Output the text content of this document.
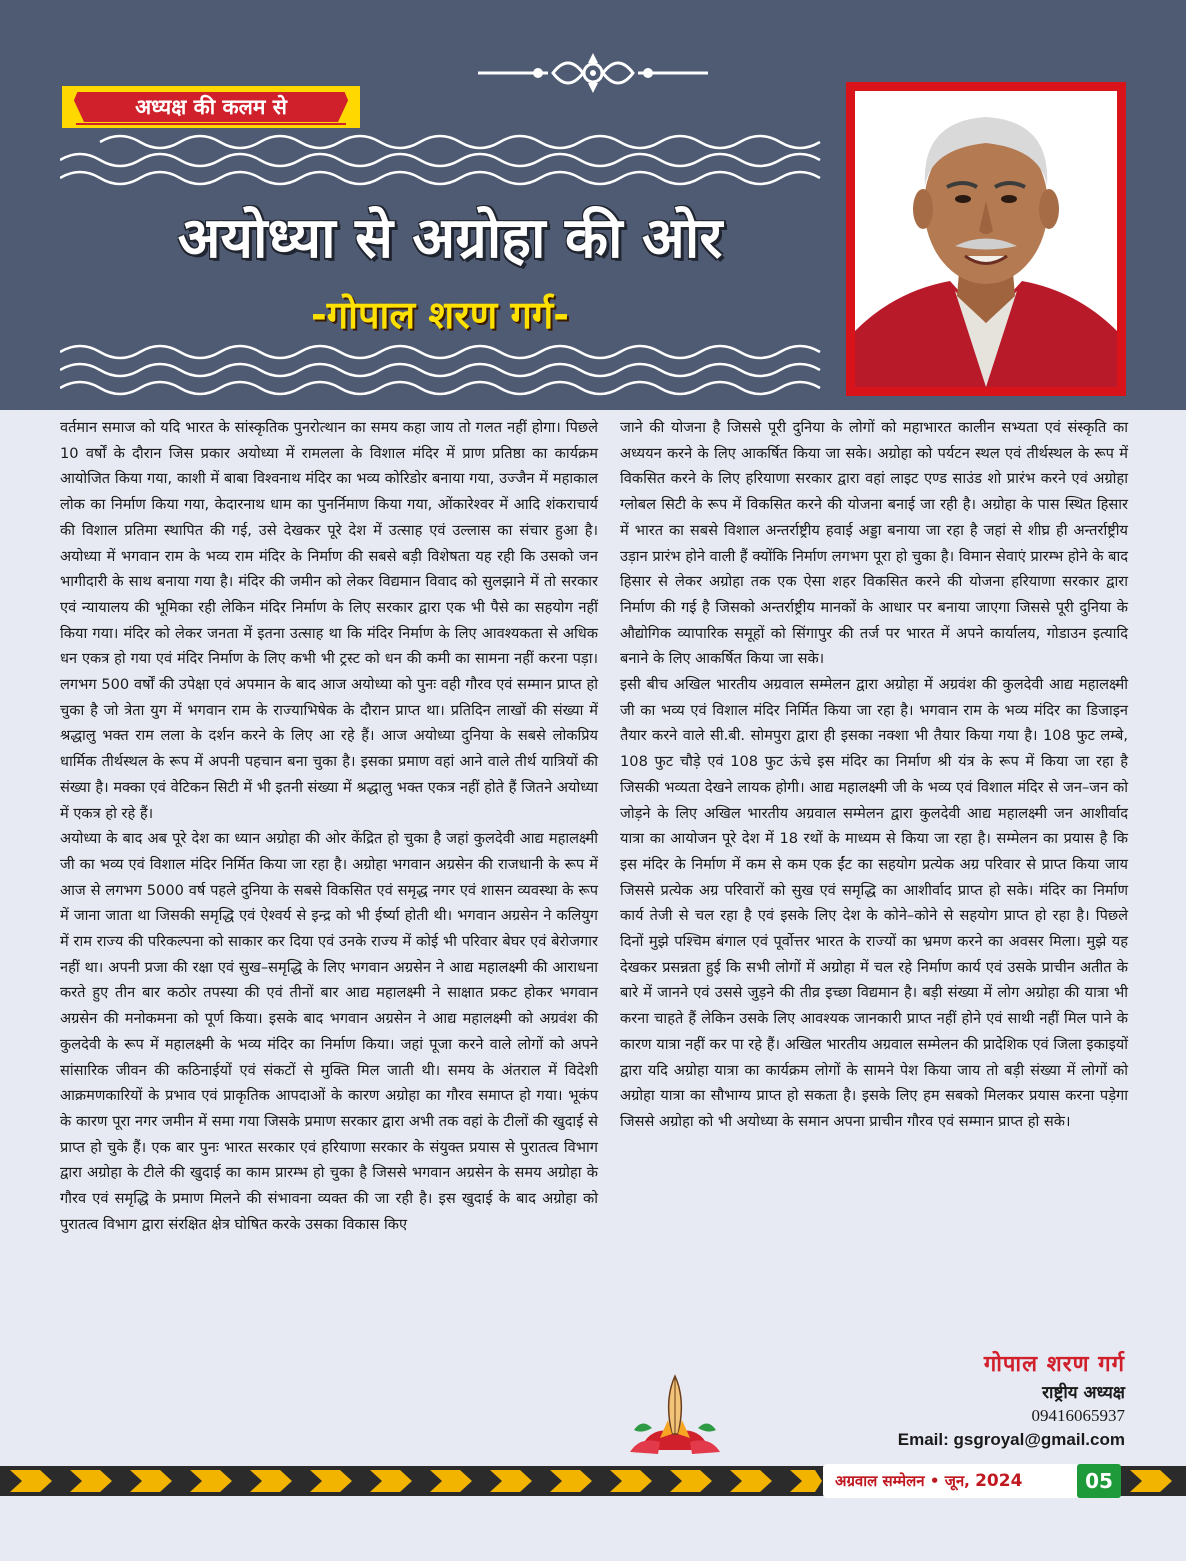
अध्यक्ष की कलम से
अयोध्या से अग्रोहा की ओर
-गोपाल शरण गर्ग-

वर्तमान समाज को यदि भारत के सांस्कृतिक पुनरोत्थान का समय कहा जाय तो गलत नहीं होगा। पिछले 10 वर्षों के दौरान जिस प्रकार अयोध्या में रामलला के विशाल मंदिर में प्राण प्रतिष्ठा का कार्यक्रम आयोजित किया गया, काशी में बाबा विश्वनाथ मंदिर का भव्य कोरिडोर बनाया गया, उज्जैन में महाकाल लोक का निर्माण किया गया, केदारनाथ धाम का पुनर्निमाण किया गया, ओंकारेश्वर में आदि शंकराचार्य की विशाल प्रतिमा स्थापित की गई, उसे देखकर पूरे देश में उत्साह एवं उल्लास का संचार हुआ है। अयोध्या में भगवान राम के भव्य राम मंदिर के निर्माण की सबसे बड़ी विशेषता यह रही कि उसको जन भागीदारी के साथ बनाया गया है। मंदिर की जमीन को लेकर विद्यमान विवाद को सुलझाने में तो सरकार एवं न्यायालय की भूमिका रही लेकिन मंदिर निर्माण के लिए सरकार द्वारा एक भी पैसे का सहयोग नहीं किया गया। मंदिर को लेकर जनता में इतना उत्साह था कि मंदिर निर्माण के लिए आवश्यकता से अधिक धन एकत्र हो गया एवं मंदिर निर्माण के लिए कभी भी ट्रस्ट को धन की कमी का सामना नहीं करना पड़ा। लगभग 500 वर्षों की उपेक्षा एवं अपमान के बाद आज अयोध्या को पुनः वही गौरव एवं सम्मान प्राप्त हो चुका है जो त्रेता युग में भगवान राम के राज्याभिषेक के दौरान प्राप्त था। प्रतिदिन लाखों की संख्या में श्रद्धालु भक्त राम लला के दर्शन करने के लिए आ रहे हैं। आज अयोध्या दुनिया के सबसे लोकप्रिय धार्मिक तीर्थस्थल के रूप में अपनी पहचान बना चुका है। इसका प्रमाण वहां आने वाले तीर्थ यात्रियों की संख्या है। मक्का एवं वेटिकन सिटी में भी इतनी संख्या में श्रद्धालु भक्त एकत्र नहीं होते हैं जितने अयोध्या में एकत्र हो रहे हैं।

अयोध्या के बाद अब पूरे देश का ध्यान अग्रोहा की ओर केंद्रित हो चुका है जहां कुलदेवी आद्य महालक्ष्मी जी का भव्य एवं विशाल मंदिर निर्मित किया जा रहा है। अग्रोहा भगवान अग्रसेन की राजधानी के रूप में आज से लगभग 5000 वर्ष पहले दुनिया के सबसे विकसित एवं समृद्ध नगर एवं शासन व्यवस्था के रूप में जाना जाता था जिसकी समृद्धि एवं ऐश्वर्य से इन्द्र को भी ईर्ष्या होती थी। भगवान अग्रसेन ने कलियुग में राम राज्य की परिकल्पना को साकार कर दिया एवं उनके राज्य में कोई भी परिवार बेघर एवं बेरोजगार नहीं था। अपनी प्रजा की रक्षा एवं सुख–समृद्धि के लिए भगवान अग्रसेन ने आद्य महालक्ष्मी की आराधना करते हुए तीन बार कठोर तपस्या की एवं तीनों बार आद्य महालक्ष्मी ने साक्षात प्रकट होकर भगवान अग्रसेन की मनोकमना को पूर्ण किया। इसके बाद भगवान अग्रसेन ने आद्य महालक्ष्मी को अग्रवंश की कुलदेवी के रूप में महालक्ष्मी के भव्य मंदिर का निर्माण किया। जहां पूजा करने वाले लोगों को अपने सांसारिक जीवन की कठिनाईयों एवं संकटों से मुक्ति मिल जाती थी। समय के अंतराल में विदेशी आक्रमणकारियों के प्रभाव एवं प्राकृतिक आपदाओं के कारण अग्रोहा का गौरव समाप्त हो गया। भूकंप के कारण पूरा नगर जमीन में समा गया जिसके प्रमाण सरकार द्वारा अभी तक वहां के टीलों की खुदाई से प्राप्त हो चुके हैं। एक बार पुनः भारत सरकार एवं हरियाणा सरकार के संयुक्त प्रयास से पुरातत्व विभाग द्वारा अग्रोहा के टीले की खुदाई का काम प्रारम्भ हो चुका है जिससे भगवान अग्रसेन के समय अग्रोहा के गौरव एवं समृद्धि के प्रमाण मिलने की संभावना व्यक्त की जा रही है। इस खुदाई के बाद अग्रोहा को पुरातत्व विभाग द्वारा संरक्षित क्षेत्र घोषित करके उसका विकास किए

जाने की योजना है जिससे पूरी दुनिया के लोगों को महाभारत कालीन सभ्यता एवं संस्कृति का अध्ययन करने के लिए आकर्षित किया जा सके। अग्रोहा को पर्यटन स्थल एवं तीर्थस्थल के रूप में विकसित करने के लिए हरियाणा सरकार द्वारा वहां लाइट एण्ड साउंड शो प्रारंभ करने एवं अग्रोहा ग्लोबल सिटी के रूप में विकसित करने की योजना बनाई जा रही है। अग्रोहा के पास स्थित हिसार में भारत का सबसे विशाल अन्तर्राष्ट्रीय हवाई अड्डा बनाया जा रहा है जहां से शीघ्र ही अन्तर्राष्ट्रीय उड़ान प्रारंभ होने वाली हैं क्योंकि निर्माण लगभग पूरा हो चुका है। विमान सेवाएं प्रारम्भ होने के बाद हिसार से लेकर अग्रोहा तक एक ऐसा शहर विकसित करने की योजना हरियाणा सरकार द्वारा निर्माण की गई है जिसको अन्तर्राष्ट्रीय मानकों के आधार पर बनाया जाएगा जिससे पूरी दुनिया के औद्योगिक व्यापारिक समूहों को सिंगापुर की तर्ज पर भारत में अपने कार्यालय, गोडाउन इत्यादि बनाने के लिए आकर्षित किया जा सके।

इसी बीच अखिल भारतीय अग्रवाल सम्मेलन द्वारा अग्रोहा में अग्रवंश की कुलदेवी आद्य महालक्ष्मी जी का भव्य एवं विशाल मंदिर निर्मित किया जा रहा है। भगवान राम के भव्य मंदिर का डिजाइन तैयार करने वाले सी.बी. सोमपुरा द्वारा ही इसका नक्शा भी तैयार किया गया है। 108 फुट लम्बे, 108 फुट चौड़े एवं 108 फुट ऊंचे इस मंदिर का निर्माण श्री यंत्र के रूप में किया जा रहा है जिसकी भव्यता देखने लायक होगी। आद्य महालक्ष्मी जी के भव्य एवं विशाल मंदिर से जन–जन को जोड़ने के लिए अखिल भारतीय अग्रवाल सम्मेलन द्वारा कुलदेवी आद्य महालक्ष्मी जन आशीर्वाद यात्रा का आयोजन पूरे देश में 18 रथों के माध्यम से किया जा रहा है। सम्मेलन का प्रयास है कि इस मंदिर के निर्माण में कम से कम एक ईंट का सहयोग प्रत्येक अग्र परिवार से प्राप्त किया जाय जिससे प्रत्येक अग्र परिवारों को सुख एवं समृद्धि का आशीर्वाद प्राप्त हो सके। मंदिर का निर्माण कार्य तेजी से चल रहा है एवं इसके लिए देश के कोने–कोने से सहयोग प्राप्त हो रहा है। पिछले दिनों मुझे पश्चिम बंगाल एवं पूर्वोत्तर भारत के राज्यों का भ्रमण करने का अवसर मिला। मुझे यह देखकर प्रसन्नता हुई कि सभी लोगों में अग्रोहा में चल रहे निर्माण कार्य एवं उसके प्राचीन अतीत के बारे में जानने एवं उससे जुड़ने की तीव्र इच्छा विद्यमान है। बड़ी संख्या में लोग अग्रोहा की यात्रा भी करना चाहते हैं लेकिन उसके लिए आवश्यक जानकारी प्राप्त नहीं होने एवं साथी नहीं मिल पाने के कारण यात्रा नहीं कर पा रहे हैं। अखिल भारतीय अग्रवाल सम्मेलन की प्रादेशिक एवं जिला इकाइयों द्वारा यदि अग्रोहा यात्रा का कार्यक्रम लोगों के सामने पेश किया जाय तो बड़ी संख्या में लोगों को अग्रोहा यात्रा का सौभाग्य प्राप्त हो सकता है। इसके लिए हम सबको मिलकर प्रयास करना पड़ेगा जिससे अग्रोहा को भी अयोध्या के समान अपना प्राचीन गौरव एवं सम्मान प्राप्त हो सके।

गोपाल शरण गर्ग
राष्ट्रीय अध्यक्ष
09416065937
Email: gsgroyal@gmail.com
अग्रवाल सम्मेलन • जून, 2024	05
